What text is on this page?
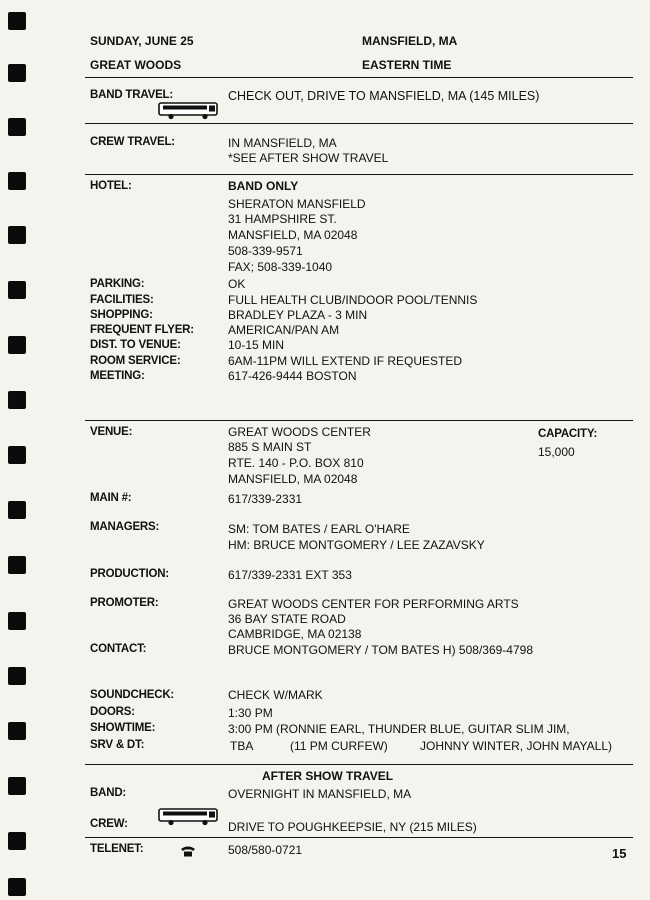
SUNDAY, JUNE 25	MANSFIELD, MA
GREAT WOODS	EASTERN TIME
BAND TRAVEL:	CHECK OUT, DRIVE TO MANSFIELD, MA (145 MILES)
CREW TRAVEL:	IN MANSFIELD, MA
*SEE AFTER SHOW TRAVEL
HOTEL:	BAND ONLY
SHERATON MANSFIELD
31 HAMPSHIRE ST.
MANSFIELD, MA 02048
508-339-9571
FAX; 508-339-1040
PARKING:	OK
FACILITIES:	FULL HEALTH CLUB/INDOOR POOL/TENNIS
SHOPPING:	BRADLEY PLAZA - 3 MIN
FREQUENT FLYER:	AMERICAN/PAN AM
DIST. TO VENUE:	10-15 MIN
ROOM SERVICE:	6AM-11PM WILL EXTEND IF REQUESTED
MEETING:	617-426-9444 BOSTON
VENUE:	GREAT WOODS CENTER
885 S MAIN ST
RTE. 140 - P.O. BOX 810
MANSFIELD, MA 02048
CAPACITY:
15,000
MAIN #:	617/339-2331
MANAGERS:	SM: TOM BATES / EARL O'HARE
HM: BRUCE MONTGOMERY / LEE ZAZAVSKY
PRODUCTION:	617/339-2331 EXT 353
PROMOTER:	GREAT WOODS CENTER FOR PERFORMING ARTS
36 BAY STATE ROAD
CAMBRIDGE, MA 02138
CONTACT:	BRUCE MONTGOMERY / TOM BATES H) 508/369-4798
SOUNDCHECK:	CHECK W/MARK
DOORS:	1:30 PM
SHOWTIME:	3:00 PM (RONNIE EARL, THUNDER BLUE, GUITAR SLIM JIM,
SRV & DT:	TBA	(11 PM CURFEW)	JOHNNY WINTER, JOHN MAYALL)
AFTER SHOW TRAVEL
BAND:	OVERNIGHT IN MANSFIELD, MA
CREW:	DRIVE TO POUGHKEEPSIE, NY (215 MILES)
TELENET:	508/580-0721	15
